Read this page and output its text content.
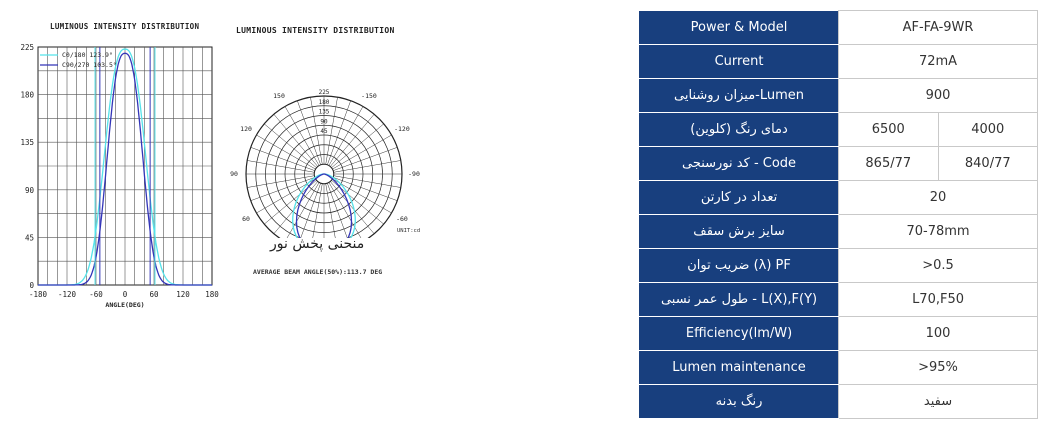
LUMINOUS INTENSITY DISTRIBUTION
225
180
135
90
45
0
-180 -120 -60	0	60 120 180
ANGLE(DEG)
C0/180 123.9°
C90/270 103.5°
LUMINOUS INTENSITY DISTRIBUTION
-150
150
-120
120
-90
90
-60
60
225
180
135
90
45
UNIT:cd
منحنی پخش نور
AVERAGE BEAM ANGLE(50%):113.7 DEG
Power & Model	AF-FA-9WR	
Current	72mA	
میزان روشنایی-Lumen	900	
دمای رنگ (کلوین)	6500	4000
کد نورسنجی - Code	865/77	840/77
تعداد در کارتن	20	
سایز برش سقف	70-78mm	
ضریب توان (λ) PF	>0.5	
طول عمر نسبی - L(X),F(Y)	L70,F50	
Efficiency(lm/W)	100	
Lumen maintenance	>95%	
رنگ بدنه	سفید	
